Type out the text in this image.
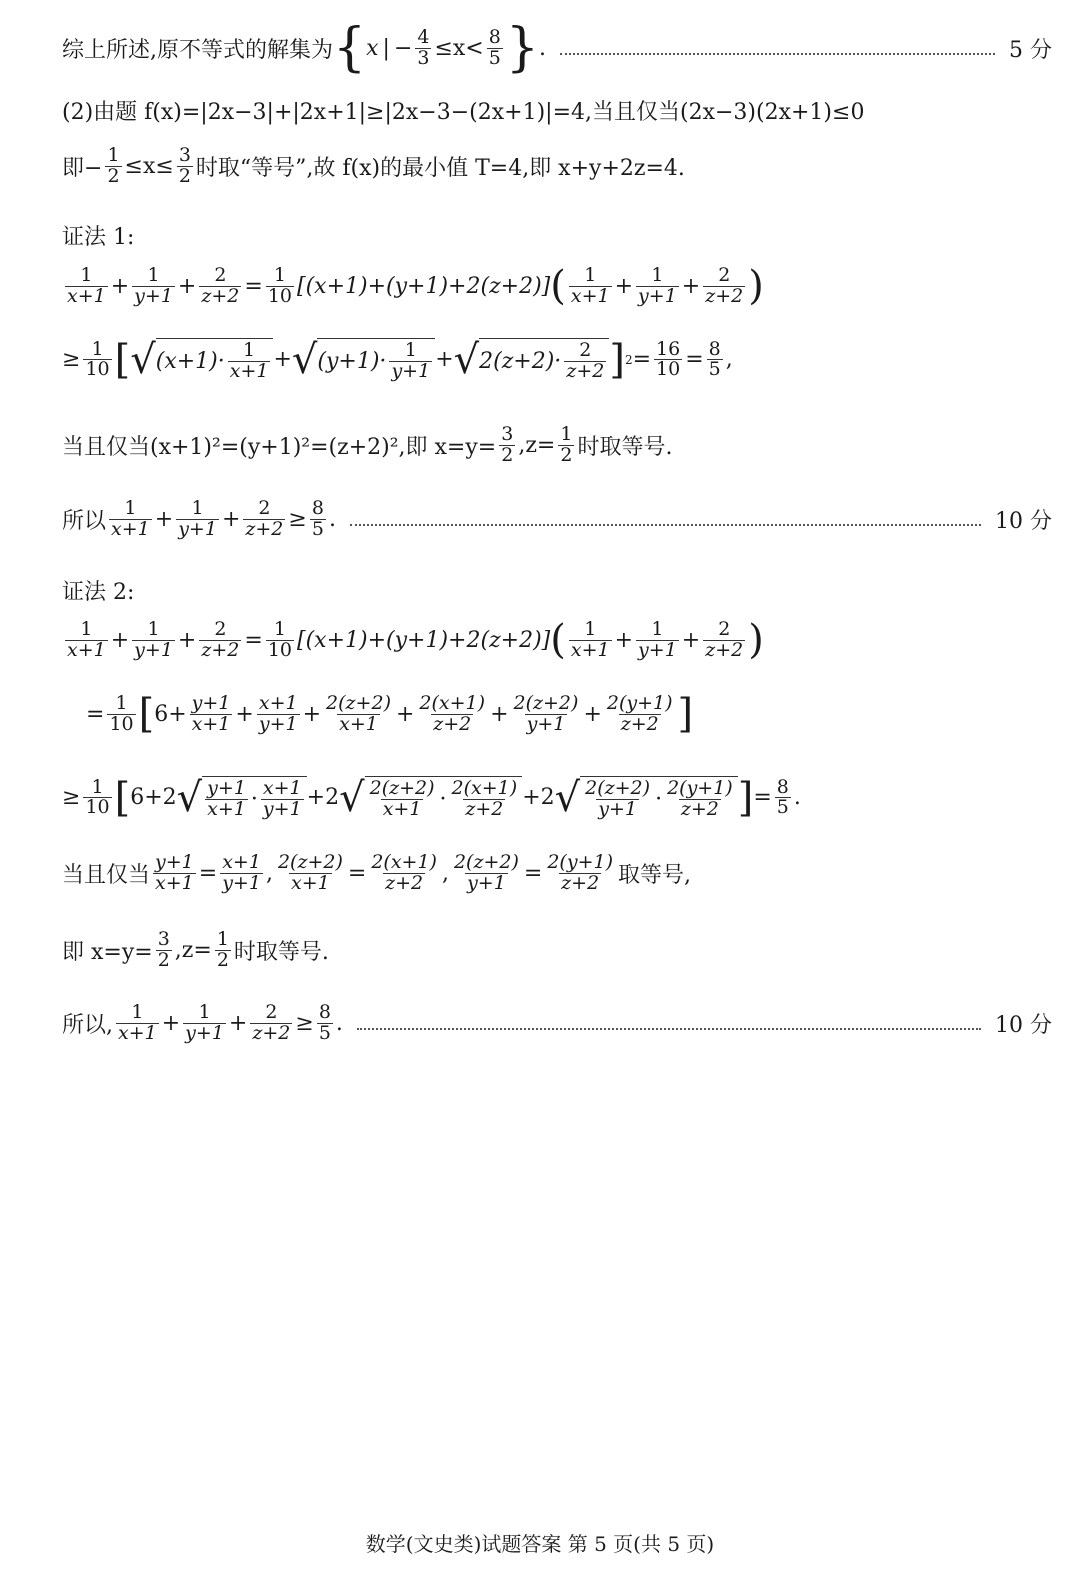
综上所述,原不等式的解集为 { x | − $\frac{4}{3} \le x< \frac{8}{5}$ } .	5 分
(2)由题 f(x)=|2x−3|+|2x+1|≥|2x−3−(2x+1)|=4,当且仅当(2x−3)(2x+1)≤0
即− $\frac{1}{2} \le x\le \frac{3}{2}$ 时取“等号”,故 f(x)的最小值 T=4,即 x+y+2z=4.
证法 1:
$\frac{1}{x+1} + \frac{1}{y+1} + \frac{2}{z+2} = \frac{1}{10} [(x+1)+(y+1)+2(z+2)]$ ( $\frac{1}{x+1} + \frac{1}{y+1} + \frac{2}{z+2}$ )
≥ $\frac{1}{10}$ [ √ $(x+1)\cdot \frac{1}{x+1}$ + √ $(y+1)\cdot \frac{1}{y+1}$ + √ $2(z+2)\cdot \frac{2}{z+2}$ ] $2 = \frac{16}{10} = \frac{8}{5}$ ,
当且仅当(x+1)²=(y+1)²=(z+2)²,即 $x=y= \frac{3}{2} ,z= \frac{1}{2}$ 时取等号.
所以 $\frac{1}{x+1} + \frac{1}{y+1} + \frac{2}{z+2} \ge \frac{8}{5}$ .	10 分
证法 2:
$\frac{1}{x+1} + \frac{1}{y+1} + \frac{2}{z+2} = \frac{1}{10} [(x+1)+(y+1)+2(z+2)]$ ( $\frac{1}{x+1} + \frac{1}{y+1} + \frac{2}{z+2}$ )
= $\frac{1}{10}$ [ $6+ \frac{y+1}{x+1} + \frac{x+1}{y+1} + \frac{2(z+2)}{x+1} + \frac{2(x+1)}{z+2} + \frac{2(z+2)}{y+1} + \frac{2(y+1)}{z+2}$ ]
≥ $\frac{1}{10}$ [ 6+2 √ $\frac{y+1}{x+1} \cdot \frac{x+1}{y+1} +2$ √ $\frac{2(z+2)}{x+1} \cdot \frac{2(x+1)}{z+2} +2$ √ $\frac{2(z+2)}{y+1} \cdot \frac{2(y+1)}{z+2}$ ] = $\frac{8}{5}$ .
当且仅当 $\frac{y+1}{x+1} = \frac{x+1}{y+1}$ , $\frac{2(z+2)}{x+1} = \frac{2(x+1)}{z+2}$ , $\frac{2(z+2)}{y+1} = \frac{2(y+1)}{z+2}$ 取等号,
即 $x=y= \frac{3}{2} ,z= \frac{1}{2}$ 时取等号.
所以, $\frac{1}{x+1} + \frac{1}{y+1} + \frac{2}{z+2} \ge \frac{8}{5}$ .	10 分
数学(文史类)试题答案 第 5 页(共 5 页)
